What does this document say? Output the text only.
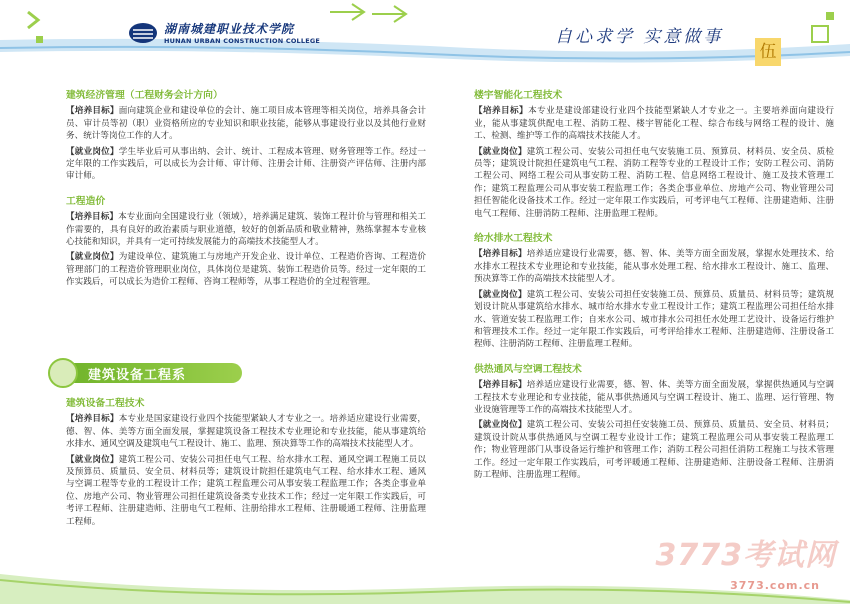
湖南城建职业技术学院
HUNAN URBAN CONSTRUCTION COLLEGE	自心求学 实意做事
伍
建筑经济管理（工程财务会计方向）

【培养目标】面向建筑企业和建设单位的会计、施工项目成本管理等相关岗位，培养具备会计员、审计员等初（职）业资格所应的专业知识和职业技能，能够从事建设行业以及其他行业财务、统计等岗位工作的人才。

【就业岗位】学生毕业后可从事出纳、会计、统计、工程成本管理、财务管理等工作。经过一定年限的工作实践后，可以成长为会计师、审计师、注册会计师、注册资产评估师、注册内部审计师。

工程造价

【培养目标】本专业面向全国建设行业（领域），培养满足建筑、装饰工程计价与管理和相关工作需要的，具有良好的政治素质与职业道德，较好的创新品质和敬业精神，熟练掌握本专业核心技能和知识，并具有一定可持续发展能力的高端技术技能型人才。

【就业岗位】为建设单位、建筑施工与房地产开发企业、设计单位、工程造价咨询、工程造价管理部门的工程造价管理职业岗位，具体岗位是建筑、装饰工程造价员等。经过一定年限的工作实践后，可以成长为造价工程师、咨询工程师等，从事工程造价的全过程管理。

建筑设备工程系
建筑设备工程技术

【培养目标】本专业是国家建设行业四个技能型紧缺人才专业之一。培养适应建设行业需要，德、智、体、美等方面全面发展，掌握建筑设备工程技术专业理论和专业技能，能从事建筑给水排水、通风空调及建筑电气工程设计、施工、监理、预决算等工作的高端技术技能型人才。

【就业岗位】建筑工程公司、安装公司担任电气工程、给水排水工程、通风空调工程施工员以及预算员、质量员、安全员、材料员等；建筑设计院担任建筑电气工程、给水排水工程、通风与空调工程等专业的工程设计工作；建筑工程监理公司从事安装工程监理工作；各类企事业单位、房地产公司、物业管理公司担任建筑设备类专业技术工作；经过一定年限工作实践后，可考评工程师、注册建造师、注册电气工程师、注册给排水工程师、注册暖通工程师、注册监理工程师。

楼宇智能化工程技术

【培养目标】本专业是建设部建设行业四个技能型紧缺人才专业之一。主要培养面向建设行业，能从事建筑供配电工程、消防工程、楼宇智能化工程、综合布线与网络工程的设计、施工、检测、维护等工作的高端技术技能人才。

【就业岗位】建筑工程公司、安装公司担任电气安装施工员、预算员、材料员、安全员、质检员等；建筑设计院担任建筑电气工程、消防工程等专业的工程设计工作；安防工程公司、消防工程公司、网络工程公司从事安防工程、消防工程、信息网络工程设计、施工及技术管理工作；建筑工程监理公司从事安装工程监理工作；各类企事业单位、房地产公司、物业管理公司担任智能化设备技术工作。经过一定年限工作实践后，可考评电气工程师、注册建造师、注册电气工程师、注册消防工程师、注册监理工程师。

给水排水工程技术

【培养目标】培养适应建设行业需要，德、智、体、美等方面全面发展，掌握水处理技术、给水排水工程技术专业理论和专业技能，能从事水处理工程、给水排水工程设计、施工、监理、预决算等工作的高端技术技能型人才。

【就业岗位】建筑工程公司、安装公司担任安装施工员、预算员、质量员、材料员等；建筑规划设计院从事建筑给水排水、城市给水排水专业工程设计工作；建筑工程监理公司担任给水排水、管道安装工程监理工作；自来水公司、城市排水公司担任水处理工艺设计、设备运行维护和管理技术工作。经过一定年限工作实践后，可考评给排水工程师、注册建造师、注册设备工程师、注册消防工程师、注册监理工程师。

供热通风与空调工程技术

【培养目标】培养适应建设行业需要，德、智、体、美等方面全面发展，掌握供热通风与空调工程技术专业理论和专业技能，能从事供热通风与空调工程设计、施工、监理、运行管理、物业设施管理等工作的高端技术技能型人才。

【就业岗位】建筑工程公司、安装公司担任安装施工员、预算员、质量员、安全员、材料员；建筑设计院从事供热通风与空调工程专业设计工作；建筑工程监理公司从事安装工程监理工作；物业管理部门从事设备运行维护和管理工作；消防工程公司担任消防工程施工与技术管理工作。经过一定年限工作实践后，可考评暖通工程师、注册建造师、注册设备工程师、注册消防工程师、注册监理工程师。

3773考试网
3773.com.cn
